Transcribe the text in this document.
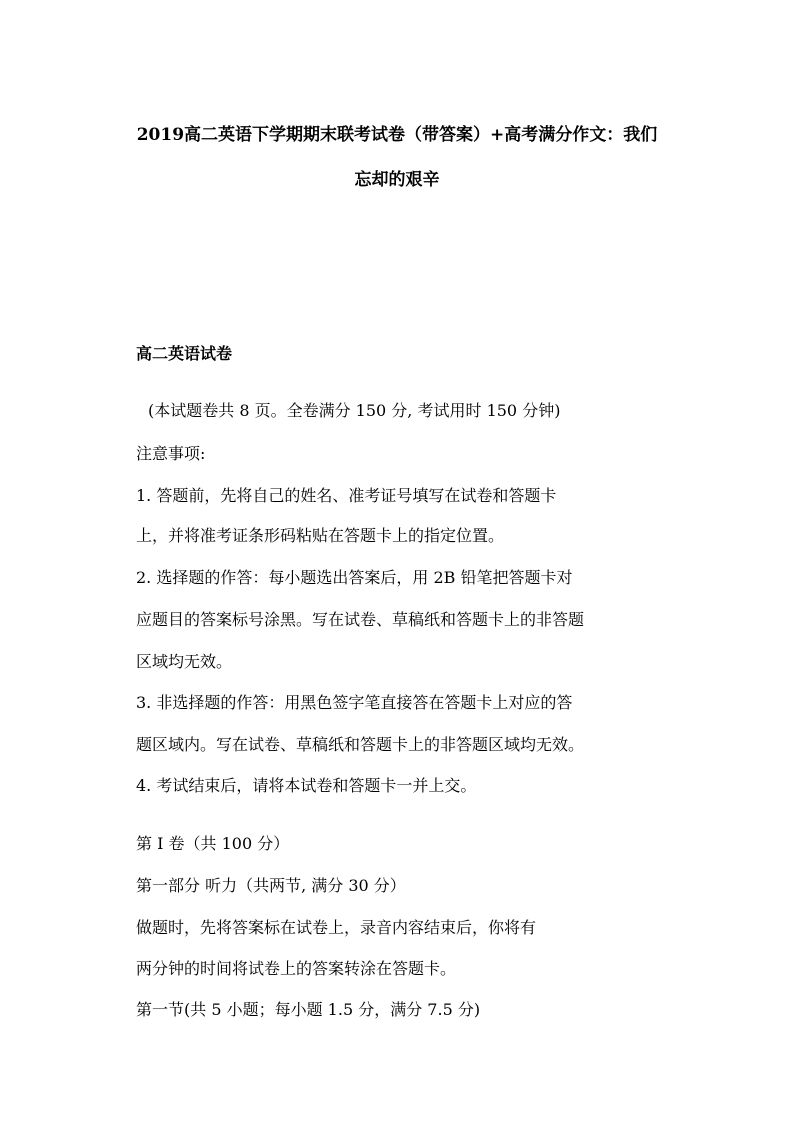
2019高二英语下学期期末联考试卷（带答案）+高考满分作文：我们
忘却的艰辛
高二英语试卷
(本试题卷共 8 页。全卷满分 150 分, 考试用时 150 分钟)
注意事项:
1. 答题前，先将自己的姓名、准考证号填写在试卷和答题卡
上，并将准考证条形码粘贴在答题卡上的指定位置。
2. 选择题的作答：每小题选出答案后，用 2B 铅笔把答题卡对
应题目的答案标号涂黑。写在试卷、草稿纸和答题卡上的非答题
区域均无效。
3. 非选择题的作答：用黑色签字笔直接答在答题卡上对应的答
题区域内。写在试卷、草稿纸和答题卡上的非答题区域均无效。
4. 考试结束后，请将本试卷和答题卡一并上交。
第 I 卷（共 100 分）
第一部分 听力（共两节, 满分 30 分）
做题时，先将答案标在试卷上，录音内容结束后，你将有
两分钟的时间将试卷上的答案转涂在答题卡。
第一节(共 5 小题；每小题 1.5 分，满分 7.5 分)
